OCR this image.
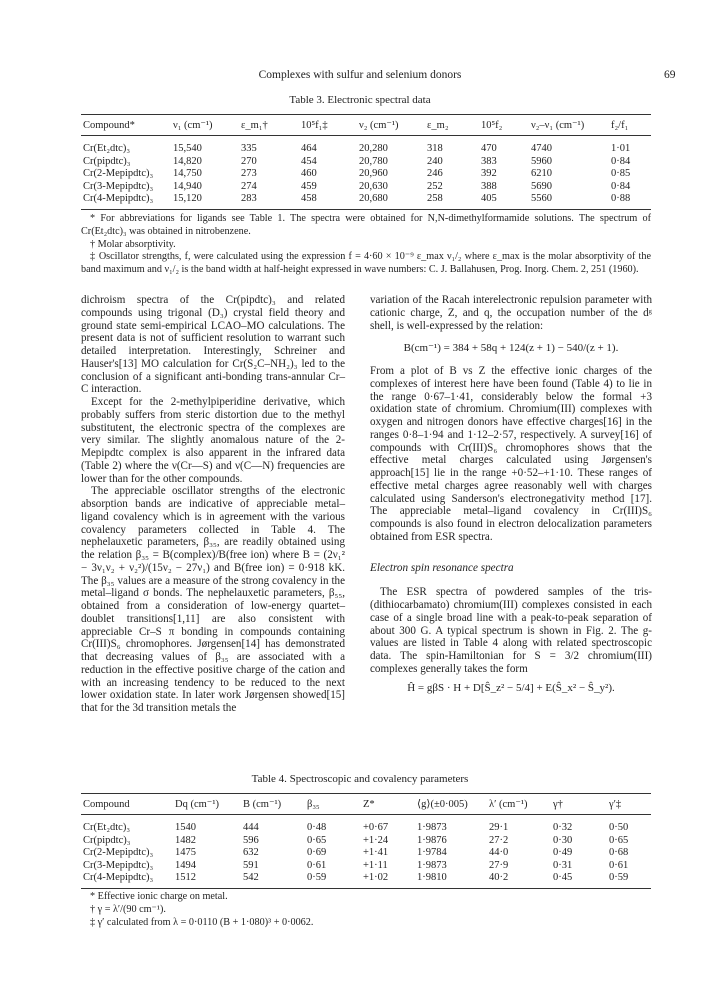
Complexes with sulfur and selenium donors	69
Table 3. Electronic spectral data
Compound*	ν₁ (cm⁻¹)	ε_m₁†	10⁵f₁‡	ν₂ (cm⁻¹)	ε_m₂	10⁵f₂	ν₂–ν₁ (cm⁻¹)	f₂/f₁
Cr(Et₂dtc)₃	15,540	335	464	20,280	318	470	4740	1·01
Cr(pipdtc)₃	14,820	270	454	20,780	240	383	5960	0·84
Cr(2-Mepipdtc)₃	14,750	273	460	20,960	246	392	6210	0·85
Cr(3-Mepipdtc)₃	14,940	274	459	20,630	252	388	5690	0·84
Cr(4-Mepipdtc)₃	15,120	283	458	20,680	258	405	5560	0·88

* For abbreviations for ligands see Table 1. The spectra were obtained for N,N-dimethylformamide solutions. The spectrum of Cr(Et₂dtc)₃ was obtained in nitrobenzene.

† Molar absorptivity.

‡ Oscillator strengths, f, were calculated using the expression f = 4·60 × 10⁻⁹ ε_max ν₁/₂ where ε_max is the molar absorptivity of the band maximum and ν₁/₂ is the band width at half-height expressed in wave numbers: C. J. Ballahusen, Prog. Inorg. Chem. 2, 251 (1960).

dichroism spectra of the Cr(pipdtc)₃ and related compounds using trigonal (D₃) crystal field theory and ground state semi-empirical LCAO–MO calculations. The present data is not of sufficient resolution to warrant such detailed interpretation. Interestingly, Schreiner and Hauser's[13] MO calculation for Cr(S₂C–NH₂)₃ led to the conclusion of a significant anti-bonding trans-annular Cr–C interaction.

Except for the 2-methylpiperidine derivative, which probably suffers from steric distortion due to the methyl substitutent, the electronic spectra of the complexes are very similar. The slightly anomalous nature of the 2-Mepipdtc complex is also apparent in the infrared data (Table 2) where the ν(Cr—S) and ν(C—N) frequencies are lower than for the other compounds.

The appreciable oscillator strengths of the electronic absorption bands are indicative of appreciable metal–ligand covalency which is in agreement with the various covalency parameters collected in Table 4. The nephelauxetic parameters, β₃₅, are readily obtained using the relation β₃₅ = B(complex)/B(free ion) where B = (2ν₁² − 3ν₁ν₂ + ν₂²)/(15ν₂ − 27ν₁) and B(free ion) = 0·918 kK. The β₃₅ values are a measure of the strong covalency in the metal–ligand σ bonds. The nephelauxetic parameters, β₅₅, obtained from a consideration of low-energy quartet–doublet transitions[1,11] are also consistent with appreciable Cr–S π bonding in compounds containing Cr(III)S₆ chromophores. Jørgensen[14] has demonstrated that decreasing values of β₃₅ are associated with a reduction in the effective positive charge of the cation and with an increasing tendency to be reduced to the next lower oxidation state. In later work Jørgensen showed[15] that for the 3d transition metals the

variation of the Racah interelectronic repulsion parameter with cationic charge, Z, and q, the occupation number of the dᵍ shell, is well-expressed by the relation:

B(cm⁻¹) = 384 + 58q + 124(z + 1) − 540/(z + 1).

From a plot of B vs Z the effective ionic charges of the complexes of interest here have been found (Table 4) to lie in the range 0·67–1·41, considerably below the formal +3 oxidation state of chromium. Chromium(III) complexes with oxygen and nitrogen donors have effective charges[16] in the ranges 0·8–1·94 and 1·12–2·57, respectively. A survey[16] of compounds with Cr(III)S₆ chromophores shows that the effective metal charges calculated using Jørgensen's approach[15] lie in the range +0·52–+1·10. These ranges of effective metal charges agree reasonably well with charges calculated using Sanderson's electronegativity method [17]. The appreciable metal–ligand covalency in Cr(III)S₆ compounds is also found in electron delocalization parameters obtained from ESR spectra.

Electron spin resonance spectra

The ESR spectra of powdered samples of the tris-(dithiocarbamato) chromium(III) complexes consisted in each case of a single broad line with a peak-to-peak separation of about 300 G. A typical spectrum is shown in Fig. 2. The g-values are listed in Table 4 along with related spectroscopic data. The spin-Hamiltonian for S = 3/2 chromium(III) complexes generally takes the form

Ĥ = gβS · H + D[Ŝ_z² − 5/4] + E(Ŝ_x² − Ŝ_y²).
Table 4. Spectroscopic and covalency parameters
Compound	Dq (cm⁻¹)	B (cm⁻¹)	β₃₅	Z*	⟨g⟩(±0·005)	λ′ (cm⁻¹)	γ†	γ′‡
Cr(Et₂dtc)₃	1540	444	0·48	+0·67	1·9873	29·1	0·32	0·50
Cr(pipdtc)₃	1482	596	0·65	+1·24	1·9876	27·2	0·30	0·65
Cr(2-Mepipdtc)₃	1475	632	0·69	+1·41	1·9784	44·0	0·49	0·68
Cr(3-Mepipdtc)₃	1494	591	0·61	+1·11	1·9873	27·9	0·31	0·61
Cr(4-Mepipdtc)₃	1512	542	0·59	+1·02	1·9810	40·2	0·45	0·59

* Effective ionic charge on metal.

† γ = λ′/(90 cm⁻¹).

‡ γ′ calculated from λ = 0·0110 (B + 1·080)³ + 0·0062.
